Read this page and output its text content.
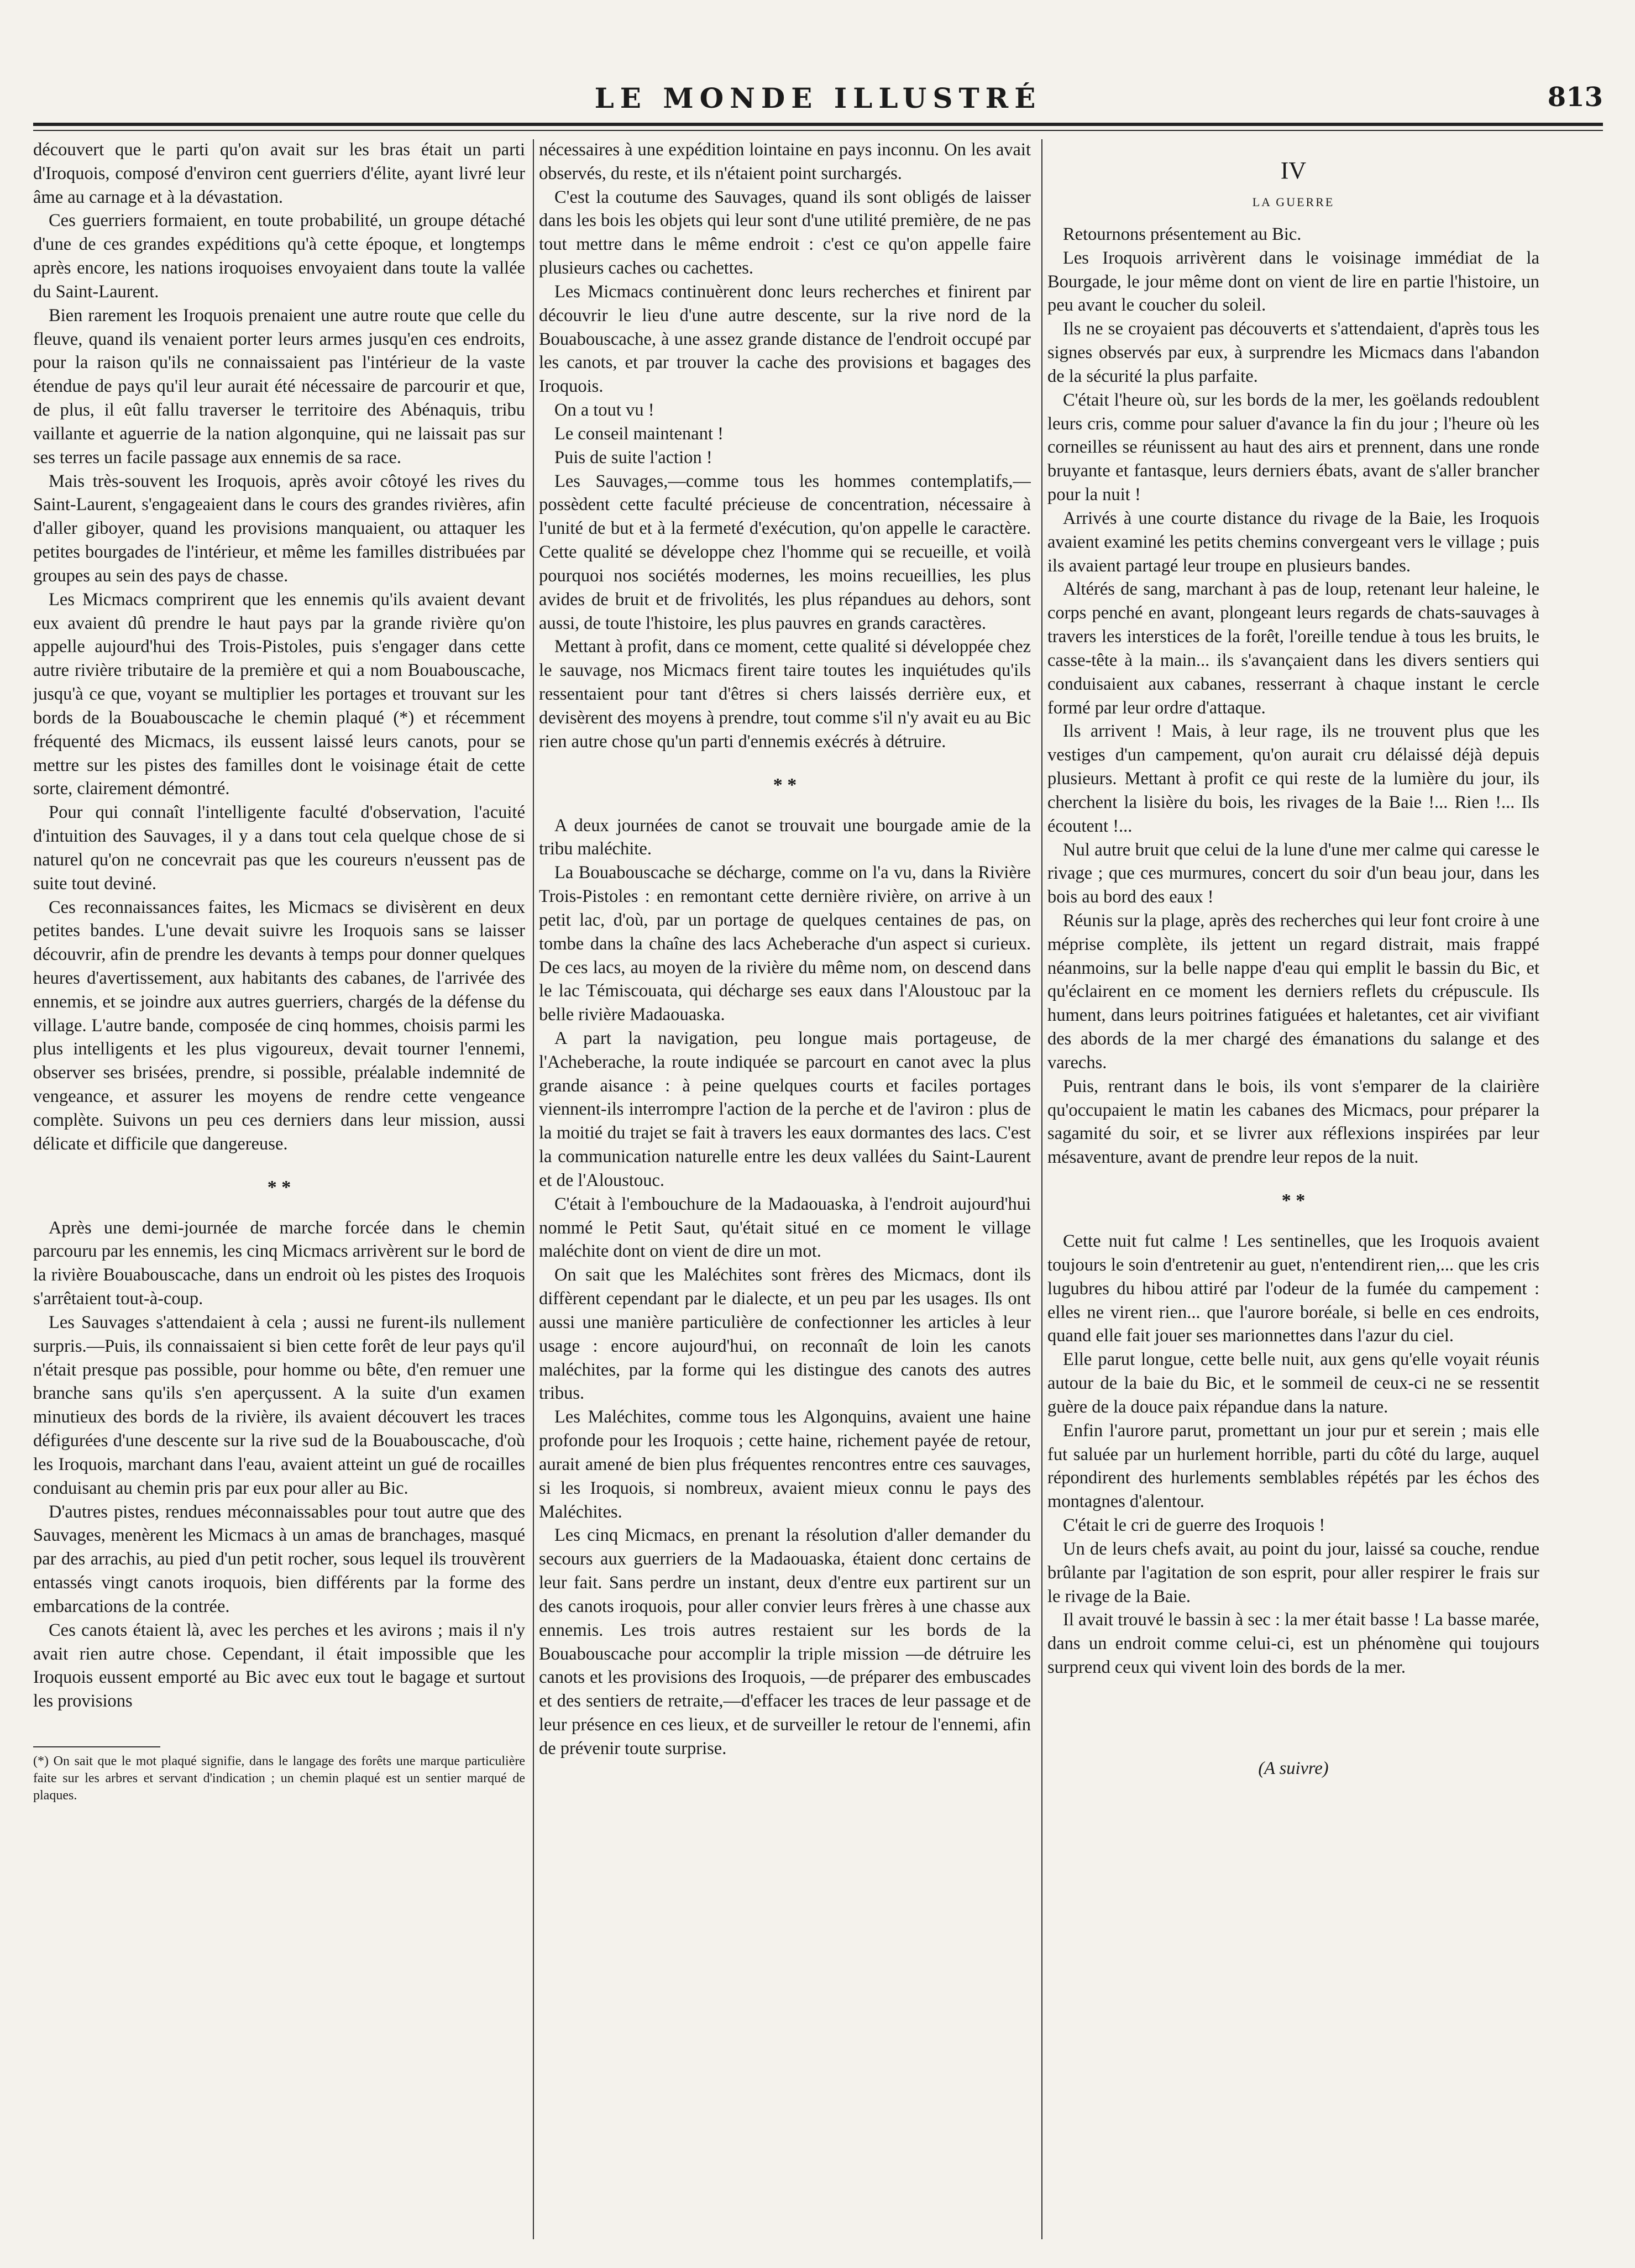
LE MONDE ILLUSTRÉ	813

découvert que le parti qu'on avait sur les bras était un parti d'Iroquois, composé d'environ cent guerriers d'élite, ayant livré leur âme au carnage et à la dévastation.

Ces guerriers formaient, en toute probabilité, un groupe détaché d'une de ces grandes expéditions qu'à cette époque, et longtemps après encore, les nations iroquoises envoyaient dans toute la vallée du Saint-Laurent.

Bien rarement les Iroquois prenaient une autre route que celle du fleuve, quand ils venaient porter leurs armes jusqu'en ces endroits, pour la raison qu'ils ne connaissaient pas l'intérieur de la vaste étendue de pays qu'il leur aurait été nécessaire de parcourir et que, de plus, il eût fallu traverser le territoire des Abénaquis, tribu vaillante et aguerrie de la nation algonquine, qui ne laissait pas sur ses terres un facile passage aux ennemis de sa race.

Mais très-souvent les Iroquois, après avoir côtoyé les rives du Saint-Laurent, s'engageaient dans le cours des grandes rivières, afin d'aller giboyer, quand les provisions manquaient, ou attaquer les petites bourgades de l'intérieur, et même les familles distribuées par groupes au sein des pays de chasse.

Les Micmacs comprirent que les ennemis qu'ils avaient devant eux avaient dû prendre le haut pays par la grande rivière qu'on appelle aujourd'hui des Trois-Pistoles, puis s'engager dans cette autre rivière tributaire de la première et qui a nom Bouabouscache, jusqu'à ce que, voyant se multiplier les portages et trouvant sur les bords de la Bouabouscache le chemin plaqué (*) et récemment fréquenté des Micmacs, ils eussent laissé leurs canots, pour se mettre sur les pistes des familles dont le voisinage était de cette sorte, clairement démontré.

Pour qui connaît l'intelligente faculté d'observation, l'acuité d'intuition des Sauvages, il y a dans tout cela quelque chose de si naturel qu'on ne concevrait pas que les coureurs n'eussent pas de suite tout deviné.

Ces reconnaissances faites, les Micmacs se divisèrent en deux petites bandes. L'une devait suivre les Iroquois sans se laisser découvrir, afin de prendre les devants à temps pour donner quelques heures d'avertissement, aux habitants des cabanes, de l'arrivée des ennemis, et se joindre aux autres guerriers, chargés de la défense du village. L'autre bande, composée de cinq hommes, choisis parmi les plus intelligents et les plus vigoureux, devait tourner l'ennemi, observer ses brisées, prendre, si possible, préalable indemnité de vengeance, et assurer les moyens de rendre cette vengeance complète. Suivons un peu ces derniers dans leur mission, aussi délicate et difficile que dangereuse.

* *

Après une demi-journée de marche forcée dans le chemin parcouru par les ennemis, les cinq Micmacs arrivèrent sur le bord de la rivière Bouabouscache, dans un endroit où les pistes des Iroquois s'arrêtaient tout-à-coup.

Les Sauvages s'attendaient à cela ; aussi ne furent-ils nullement surpris.—Puis, ils connaissaient si bien cette forêt de leur pays qu'il n'était presque pas possible, pour homme ou bête, d'en remuer une branche sans qu'ils s'en aperçussent. A la suite d'un examen minutieux des bords de la rivière, ils avaient découvert les traces défigurées d'une descente sur la rive sud de la Bouabouscache, d'où les Iroquois, marchant dans l'eau, avaient atteint un gué de rocailles conduisant au chemin pris par eux pour aller au Bic.

D'autres pistes, rendues méconnaissables pour tout autre que des Sauvages, menèrent les Micmacs à un amas de branchages, masqué par des arrachis, au pied d'un petit rocher, sous lequel ils trouvèrent entassés vingt canots iroquois, bien différents par la forme des embarcations de la contrée.

Ces canots étaient là, avec les perches et les avirons ; mais il n'y avait rien autre chose. Cependant, il était impossible que les Iroquois eussent emporté au Bic avec eux tout le bagage et surtout les provisions

(*) On sait que le mot plaqué signifie, dans le langage des forêts une marque particulière faite sur les arbres et servant d'indication ; un chemin plaqué est un sentier marqué de plaques.

nécessaires à une expédition lointaine en pays inconnu. On les avait observés, du reste, et ils n'étaient point surchargés.

C'est la coutume des Sauvages, quand ils sont obligés de laisser dans les bois les objets qui leur sont d'une utilité première, de ne pas tout mettre dans le même endroit : c'est ce qu'on appelle faire plusieurs caches ou cachettes.

Les Micmacs continuèrent donc leurs recherches et finirent par découvrir le lieu d'une autre descente, sur la rive nord de la Bouabouscache, à une assez grande distance de l'endroit occupé par les canots, et par trouver la cache des provisions et bagages des Iroquois.

On a tout vu !

Le conseil maintenant !

Puis de suite l'action !

Les Sauvages,—comme tous les hommes contemplatifs,—possèdent cette faculté précieuse de concentration, nécessaire à l'unité de but et à la fermeté d'exécution, qu'on appelle le caractère. Cette qualité se développe chez l'homme qui se recueille, et voilà pourquoi nos sociétés modernes, les moins recueillies, les plus avides de bruit et de frivolités, les plus répandues au dehors, sont aussi, de toute l'histoire, les plus pauvres en grands caractères.

Mettant à profit, dans ce moment, cette qualité si développée chez le sauvage, nos Micmacs firent taire toutes les inquiétudes qu'ils ressentaient pour tant d'êtres si chers laissés derrière eux, et devisèrent des moyens à prendre, tout comme s'il n'y avait eu au Bic rien autre chose qu'un parti d'ennemis exécrés à détruire.

* *

A deux journées de canot se trouvait une bourgade amie de la tribu maléchite.

La Bouabouscache se décharge, comme on l'a vu, dans la Rivière Trois-Pistoles : en remontant cette dernière rivière, on arrive à un petit lac, d'où, par un portage de quelques centaines de pas, on tombe dans la chaîne des lacs Acheberache d'un aspect si curieux. De ces lacs, au moyen de la rivière du même nom, on descend dans le lac Témiscouata, qui décharge ses eaux dans l'Aloustouc par la belle rivière Madaouaska.

A part la navigation, peu longue mais portageuse, de l'Acheberache, la route indiquée se parcourt en canot avec la plus grande aisance : à peine quelques courts et faciles portages viennent-ils interrompre l'action de la perche et de l'aviron : plus de la moitié du trajet se fait à travers les eaux dormantes des lacs. C'est la communication naturelle entre les deux vallées du Saint-Laurent et de l'Aloustouc.

C'était à l'embouchure de la Madaouaska, à l'endroit aujourd'hui nommé le Petit Saut, qu'était situé en ce moment le village maléchite dont on vient de dire un mot.

On sait que les Maléchites sont frères des Micmacs, dont ils diffèrent cependant par le dialecte, et un peu par les usages. Ils ont aussi une manière particulière de confectionner les articles à leur usage : encore aujourd'hui, on reconnaît de loin les canots maléchites, par la forme qui les distingue des canots des autres tribus.

Les Maléchites, comme tous les Algonquins, avaient une haine profonde pour les Iroquois ; cette haine, richement payée de retour, aurait amené de bien plus fréquentes rencontres entre ces sauvages, si les Iroquois, si nombreux, avaient mieux connu le pays des Maléchites.

Les cinq Micmacs, en prenant la résolution d'aller demander du secours aux guerriers de la Madaouaska, étaient donc certains de leur fait. Sans perdre un instant, deux d'entre eux partirent sur un des canots iroquois, pour aller convier leurs frères à une chasse aux ennemis. Les trois autres restaient sur les bords de la Bouabouscache pour accomplir la triple mission —de détruire les canots et les provisions des Iroquois, —de préparer des embuscades et des sentiers de retraite,—d'effacer les traces de leur passage et de leur présence en ces lieux, et de surveiller le retour de l'ennemi, afin de prévenir toute surprise.

IV
LA GUERRE

Retournons présentement au Bic.

Les Iroquois arrivèrent dans le voisinage immédiat de la Bourgade, le jour même dont on vient de lire en partie l'histoire, un peu avant le coucher du soleil.

Ils ne se croyaient pas découverts et s'attendaient, d'après tous les signes observés par eux, à surprendre les Micmacs dans l'abandon de la sécurité la plus parfaite.

C'était l'heure où, sur les bords de la mer, les goëlands redoublent leurs cris, comme pour saluer d'avance la fin du jour ; l'heure où les corneilles se réunissent au haut des airs et prennent, dans une ronde bruyante et fantasque, leurs derniers ébats, avant de s'aller brancher pour la nuit !

Arrivés à une courte distance du rivage de la Baie, les Iroquois avaient examiné les petits chemins convergeant vers le village ; puis ils avaient partagé leur troupe en plusieurs bandes.

Altérés de sang, marchant à pas de loup, retenant leur haleine, le corps penché en avant, plongeant leurs regards de chats-sauvages à travers les interstices de la forêt, l'oreille tendue à tous les bruits, le casse-tête à la main... ils s'avançaient dans les divers sentiers qui conduisaient aux cabanes, resserrant à chaque instant le cercle formé par leur ordre d'attaque.

Ils arrivent ! Mais, à leur rage, ils ne trouvent plus que les vestiges d'un campement, qu'on aurait cru délaissé déjà depuis plusieurs. Mettant à profit ce qui reste de la lumière du jour, ils cherchent la lisière du bois, les rivages de la Baie !... Rien !... Ils écoutent !...

Nul autre bruit que celui de la lune d'une mer calme qui caresse le rivage ; que ces murmures, concert du soir d'un beau jour, dans les bois au bord des eaux !

Réunis sur la plage, après des recherches qui leur font croire à une méprise complète, ils jettent un regard distrait, mais frappé néanmoins, sur la belle nappe d'eau qui emplit le bassin du Bic, et qu'éclairent en ce moment les derniers reflets du crépuscule. Ils hument, dans leurs poitrines fatiguées et haletantes, cet air vivifiant des abords de la mer chargé des émanations du salange et des varechs.

Puis, rentrant dans le bois, ils vont s'emparer de la clairière qu'occupaient le matin les cabanes des Micmacs, pour préparer la sagamité du soir, et se livrer aux réflexions inspirées par leur mésaventure, avant de prendre leur repos de la nuit.

* *

Cette nuit fut calme ! Les sentinelles, que les Iroquois avaient toujours le soin d'entretenir au guet, n'entendirent rien,... que les cris lugubres du hibou attiré par l'odeur de la fumée du campement : elles ne virent rien... que l'aurore boréale, si belle en ces endroits, quand elle fait jouer ses marionnettes dans l'azur du ciel.

Elle parut longue, cette belle nuit, aux gens qu'elle voyait réunis autour de la baie du Bic, et le sommeil de ceux-ci ne se ressentit guère de la douce paix répandue dans la nature.

Enfin l'aurore parut, promettant un jour pur et serein ; mais elle fut saluée par un hurlement horrible, parti du côté du large, auquel répondirent des hurlements semblables répétés par les échos des montagnes d'alentour.

C'était le cri de guerre des Iroquois !

Un de leurs chefs avait, au point du jour, laissé sa couche, rendue brûlante par l'agitation de son esprit, pour aller respirer le frais sur le rivage de la Baie.

Il avait trouvé le bassin à sec : la mer était basse ! La basse marée, dans un endroit comme celui-ci, est un phénomène qui toujours surprend ceux qui vivent loin des bords de la mer.

(A suivre)
